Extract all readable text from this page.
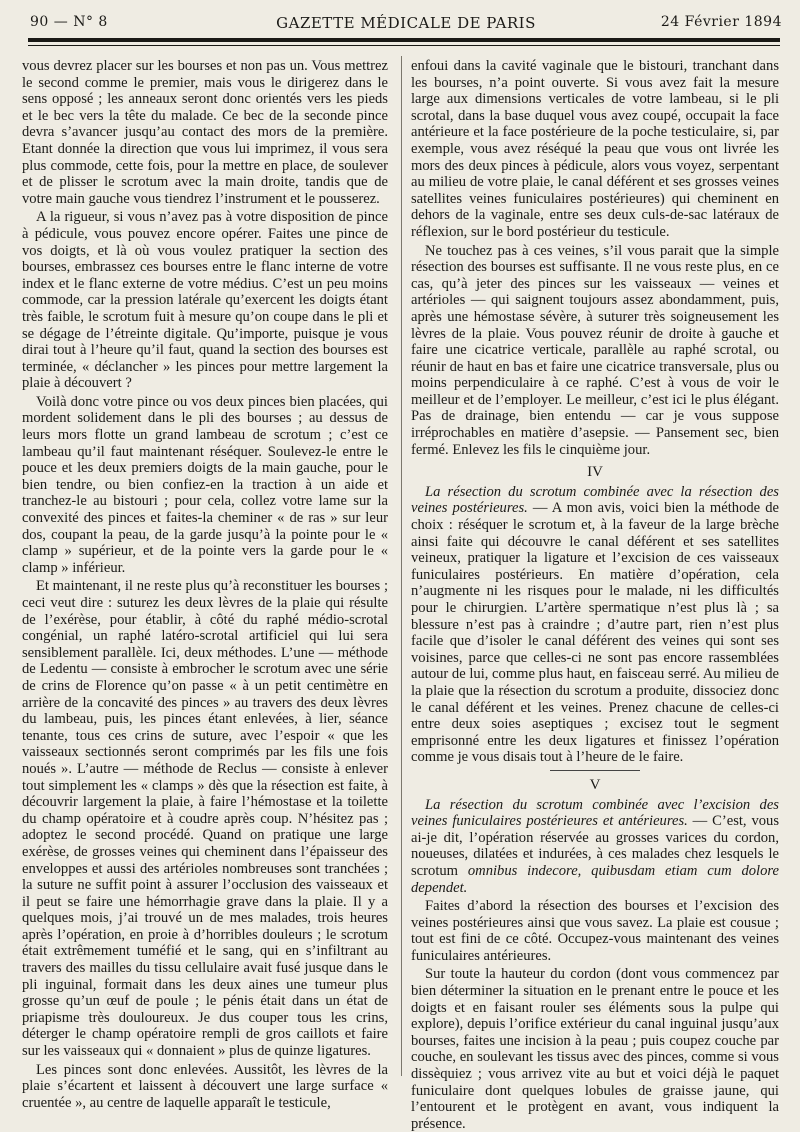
90 — N° 8	GAZETTE MÉDICALE DE PARIS	24 Février 1894

vous devrez placer sur les bourses et non pas un. Vous mettrez le second comme le premier, mais vous le dirigerez dans le sens opposé ; les anneaux seront donc orientés vers les pieds et le bec vers la tête du malade. Ce bec de la seconde pince devra s’avancer jusqu’au contact des mors de la première. Etant donnée la direction que vous lui imprimez, il vous sera plus commode, cette fois, pour la mettre en place, de soulever et de plisser le scrotum avec la main droite, tandis que de votre main gauche vous tiendrez l’instrument et le pousserez.

A la rigueur, si vous n’avez pas à votre disposition de pince à pédicule, vous pouvez encore opérer. Faites une pince de vos doigts, et là où vous voulez pratiquer la section des bourses, embrassez ces bourses entre le flanc interne de votre index et le flanc externe de votre médius. C’est un peu moins commode, car la pression latérale qu’exercent les doigts étant très faible, le scrotum fuit à mesure qu’on coupe dans le pli et se dégage de l’étreinte digitale. Qu’importe, puisque je vous dirai tout à l’heure qu’il faut, quand la section des bourses est terminée, « déclancher » les pinces pour mettre largement la plaie à découvert ?

Voilà donc votre pince ou vos deux pinces bien placées, qui mordent solidement dans le pli des bourses ; au dessus de leurs mors flotte un grand lambeau de scrotum ; c’est ce lambeau qu’il faut maintenant réséquer. Soulevez-le entre le pouce et les deux premiers doigts de la main gauche, pour le bien tendre, ou bien confiez-en la traction à un aide et tranchez-le au bistouri ; pour cela, collez votre lame sur la convexité des pinces et faites-la cheminer « de ras » sur leur dos, coupant la peau, de la garde jusqu’à la pointe pour le « clamp » supérieur, et de la pointe vers la garde pour le « clamp » inférieur.

Et maintenant, il ne reste plus qu’à reconstituer les bourses ; ceci veut dire : suturez les deux lèvres de la plaie qui résulte de l’exérèse, pour établir, à côté du raphé médio-scrotal congénial, un raphé latéro-scrotal artificiel qui lui sera sensiblement parallèle. Ici, deux méthodes. L’une — méthode de Ledentu — consiste à embrocher le scrotum avec une série de crins de Florence qu’on passe « à un petit centimètre en arrière de la concavité des pinces » au travers des deux lèvres du lambeau, puis, les pinces étant enlevées, à lier, séance tenante, tous ces crins de suture, avec l’espoir « que les vaisseaux sectionnés seront comprimés par les fils une fois noués ». L’autre — méthode de Reclus — consiste à enlever tout simplement les « clamps » dès que la résection est faite, à découvrir largement la plaie, à faire l’hémostase et la toilette du champ opératoire et à coudre après coup. N’hésitez pas ; adoptez le second procédé. Quand on pratique une large exérèse, de grosses veines qui cheminent dans l’épaisseur des enveloppes et aussi des artérioles nombreuses sont tranchées ; la suture ne suffit point à assurer l’occlusion des vaisseaux et il peut se faire une hémorrhagie grave dans la plaie. Il y a quelques mois, j’ai trouvé un de mes malades, trois heures après l’opération, en proie à d’horribles douleurs ; le scrotum était extrêmement tuméfié et le sang, qui en s’infiltrant au travers des mailles du tissu cellulaire avait fusé jusque dans le pli inguinal, formait dans les deux aines une tumeur plus grosse qu’un œuf de poule ; le pénis était dans un état de priapisme très douloureux. Je dus couper tous les crins, déterger le champ opératoire rempli de gros caillots et faire sur les vaisseaux qui « donnaient » plus de quinze ligatures.

Les pinces sont donc enlevées. Aussitôt, les lèvres de la plaie s’écartent et laissent à découvert une large surface « cruentée », au centre de laquelle apparaît le testicule,

enfoui dans la cavité vaginale que le bistouri, tranchant dans les bourses, n’a point ouverte. Si vous avez fait la mesure large aux dimensions verticales de votre lambeau, si le pli scrotal, dans la base duquel vous avez coupé, occupait la face antérieure et la face postérieure de la poche testiculaire, si, par exemple, vous avez réséqué la peau que vous ont livrée les mors des deux pinces à pédicule, alors vous voyez, serpentant au milieu de votre plaie, le canal déférent et ses grosses veines satellites veines funiculaires postérieures) qui cheminent en dehors de la vaginale, entre ses deux culs-de-sac latéraux de réflexion, sur le bord postérieur du testicule.

Ne touchez pas à ces veines, s’il vous parait que la simple résection des bourses est suffisante. Il ne vous reste plus, en ce cas, qu’à jeter des pinces sur les vaisseaux — veines et artérioles — qui saignent toujours assez abondamment, puis, après une hémostase sévère, à suturer très soigneusement les lèvres de la plaie. Vous pouvez réunir de droite à gauche et faire une cicatrice verticale, parallèle au raphé scrotal, ou réunir de haut en bas et faire une cicatrice transversale, plus ou moins perpendiculaire à ce raphé. C’est à vous de voir le meilleur et de l’employer. Le meilleur, c’est ici le plus élégant. Pas de drainage, bien entendu — car je vous suppose irréprochables en matière d’asepsie. — Pansement sec, bien fermé. Enlevez les fils le cinquième jour.

IV

La résection du scrotum combinée avec la résection des veines postérieures. — A mon avis, voici bien la méthode de choix : réséquer le scrotum et, à la faveur de la large brèche ainsi faite qui découvre le canal déférent et ses satellites veineux, pratiquer la ligature et l’excision de ces vaisseaux funiculaires postérieurs. En matière d’opération, cela n’augmente ni les risques pour le malade, ni les difficultés pour le chirurgien. L’artère spermatique n’est plus là ; sa blessure n’est pas à craindre ; d’autre part, rien n’est plus facile que d’isoler le canal déférent des veines qui sont ses voisines, parce que celles-ci ne sont pas encore rassemblées autour de lui, comme plus haut, en faisceau serré. Au milieu de la plaie que la résection du scrotum a produite, dissociez donc le canal déférent et les veines. Prenez chacune de celles-ci entre deux soies aseptiques ; excisez tout le segment emprisonné entre les deux ligatures et finissez l’opération comme je vous disais tout à l’heure de le faire.

V

La résection du scrotum combinée avec l’excision des veines funiculaires postérieures et antérieures. — C’est, vous ai-je dit, l’opération réservée au grosses varices du cordon, noueuses, dilatées et indurées, à ces malades chez lesquels le scrotum omnibus indecore, quibusdam etiam cum dolore dependet.

Faites d’abord la résection des bourses et l’excision des veines postérieures ainsi que vous savez. La plaie est cousue ; tout est fini de ce côté. Occupez-vous maintenant des veines funiculaires antérieures.

Sur toute la hauteur du cordon (dont vous commencez par bien déterminer la situation en le prenant entre le pouce et les doigts et en faisant rouler ses éléments sous la pulpe qui explore), depuis l’orifice extérieur du canal inguinal jusqu’aux bourses, faites une incision à la peau ; puis coupez couche par couche, en soulevant les tissus avec des pinces, comme si vous dissèquiez ; vous arrivez vite au but et voici déjà le paquet funiculaire dont quelques lobules de graisse jaune, qui l’entourent et le protègent en avant, vous indiquent la présence.
